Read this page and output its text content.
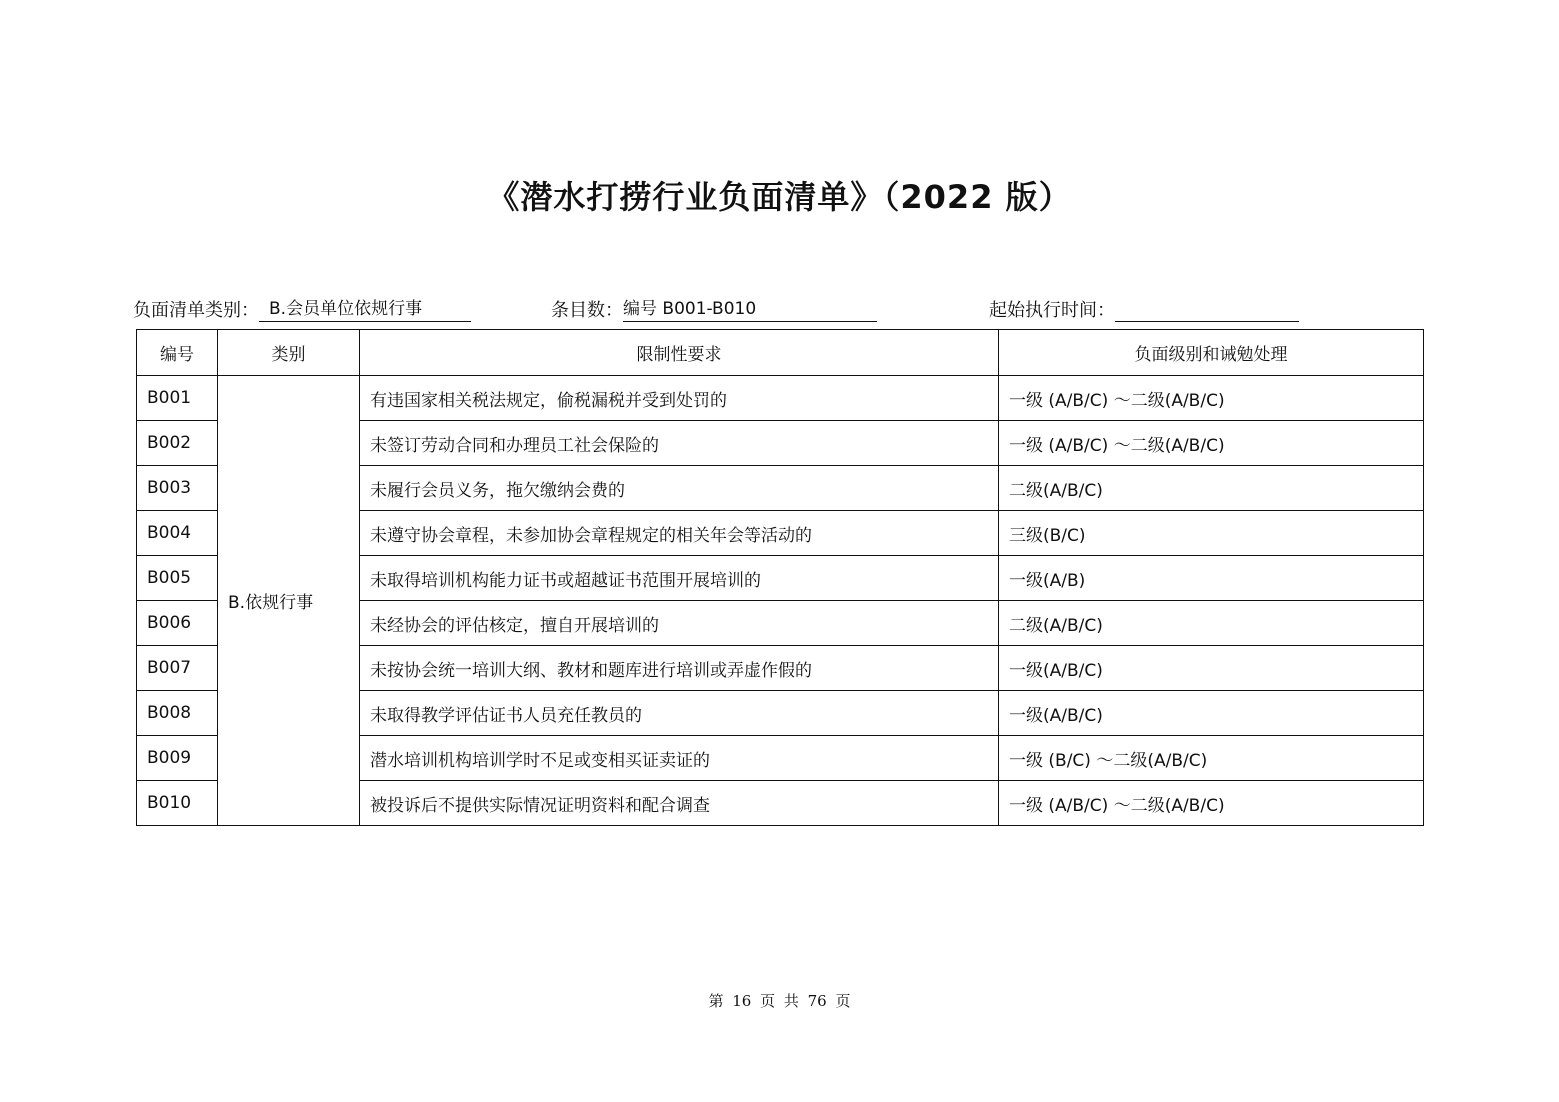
《潜水打捞行业负面清单》（2022 版）
负面清单类别： B.会员单位依规行事	条目数： 编号 B001-B010	起始执行时间：
编号	类别	限制性要求	负面级别和诫勉处理
B001	B.依规行事	有违国家相关税法规定，偷税漏税并受到处罚的	一级 (A/B/C) ～二级(A/B/C)
B002		未签订劳动合同和办理员工社会保险的	一级 (A/B/C) ～二级(A/B/C)
B003		未履行会员义务，拖欠缴纳会费的	二级(A/B/C)
B004		未遵守协会章程，未参加协会章程规定的相关年会等活动的	三级(B/C)
B005		未取得培训机构能力证书或超越证书范围开展培训的	一级(A/B)
B006		未经协会的评估核定，擅自开展培训的	二级(A/B/C)
B007		未按协会统一培训大纲、教材和题库进行培训或弄虚作假的	一级(A/B/C)
B008		未取得教学评估证书人员充任教员的	一级(A/B/C)
B009		潜水培训机构培训学时不足或变相买证卖证的	一级 (B/C) ～二级(A/B/C)
B010		被投诉后不提供实际情况证明资料和配合调查	一级 (A/B/C) ～二级(A/B/C)
第 16 页 共 76 页
